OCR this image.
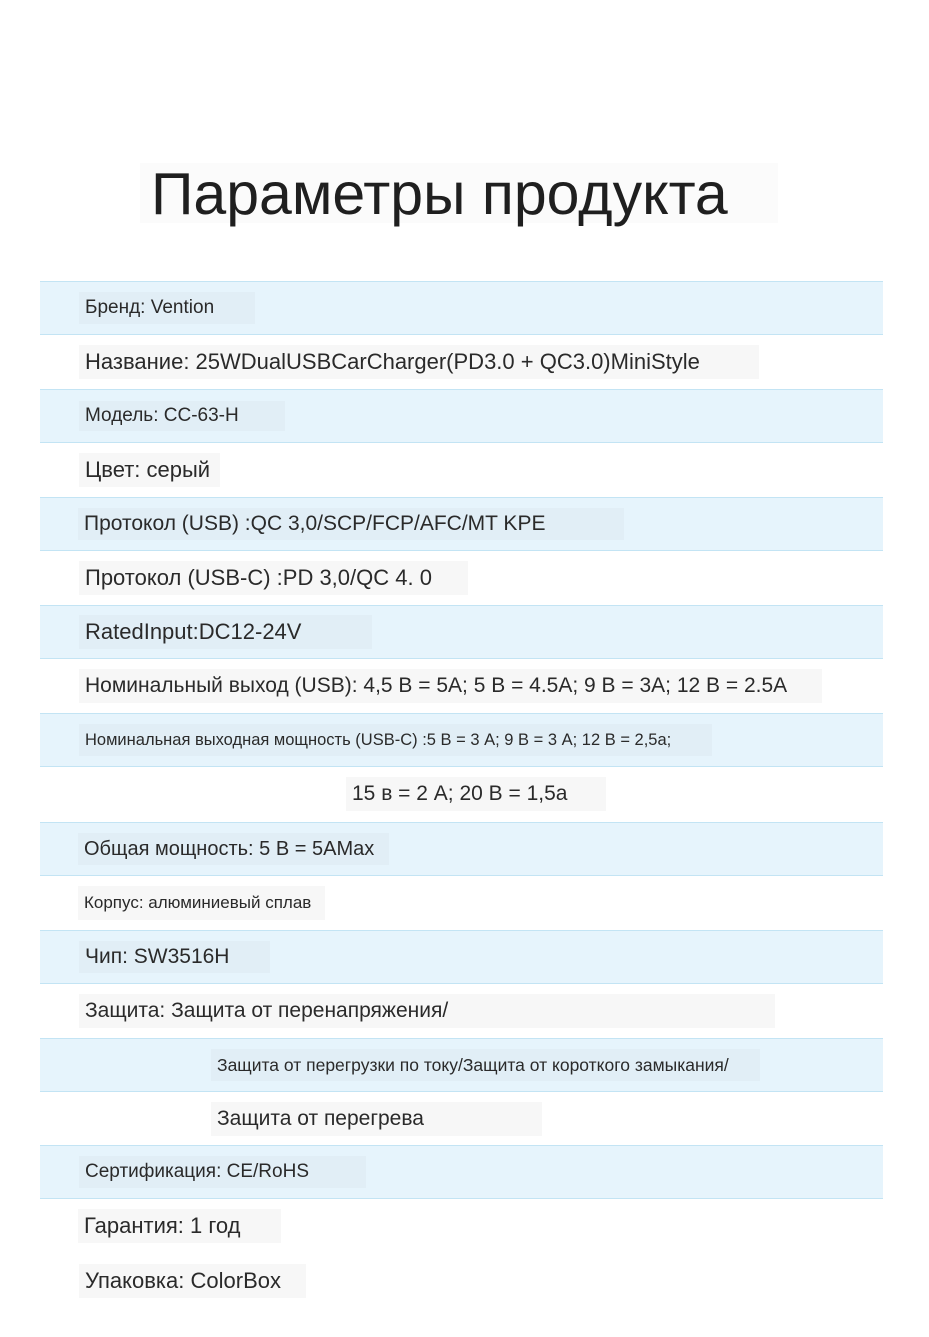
Параметры продукта
Бренд: Vention
Название: 25WDualUSBCarCharger(PD3.0 + QC3.0)MiniStyle
Модель: CC-63-H
Цвет: серый
Протокол (USB) :QC 3,0/SCP/FCP/AFC/MT KPE
Протокол (USB-C) :PD 3,0/QC 4. 0
RatedInput:DC12-24V
Номинальный выход (USB): 4,5 В = 5А; 5 В = 4.5А; 9 В = 3А; 12 В = 2.5А
Номинальная выходная мощность (USB-C) :5 В = 3 А; 9 В = 3 А; 12 В = 2,5а;
15 в = 2 А; 20 В = 1,5а
Общая мощность: 5 В = 5AMax
Корпус: алюминиевый сплав
Чип: SW3516H
Защита: Защита от перенапряжения/
Защита от перегрузки по току/Защита от короткого замыкания/
Защита от перегрева
Сертификация: CE/RoHS
Гарантия: 1 год
Упаковка: ColorBox
